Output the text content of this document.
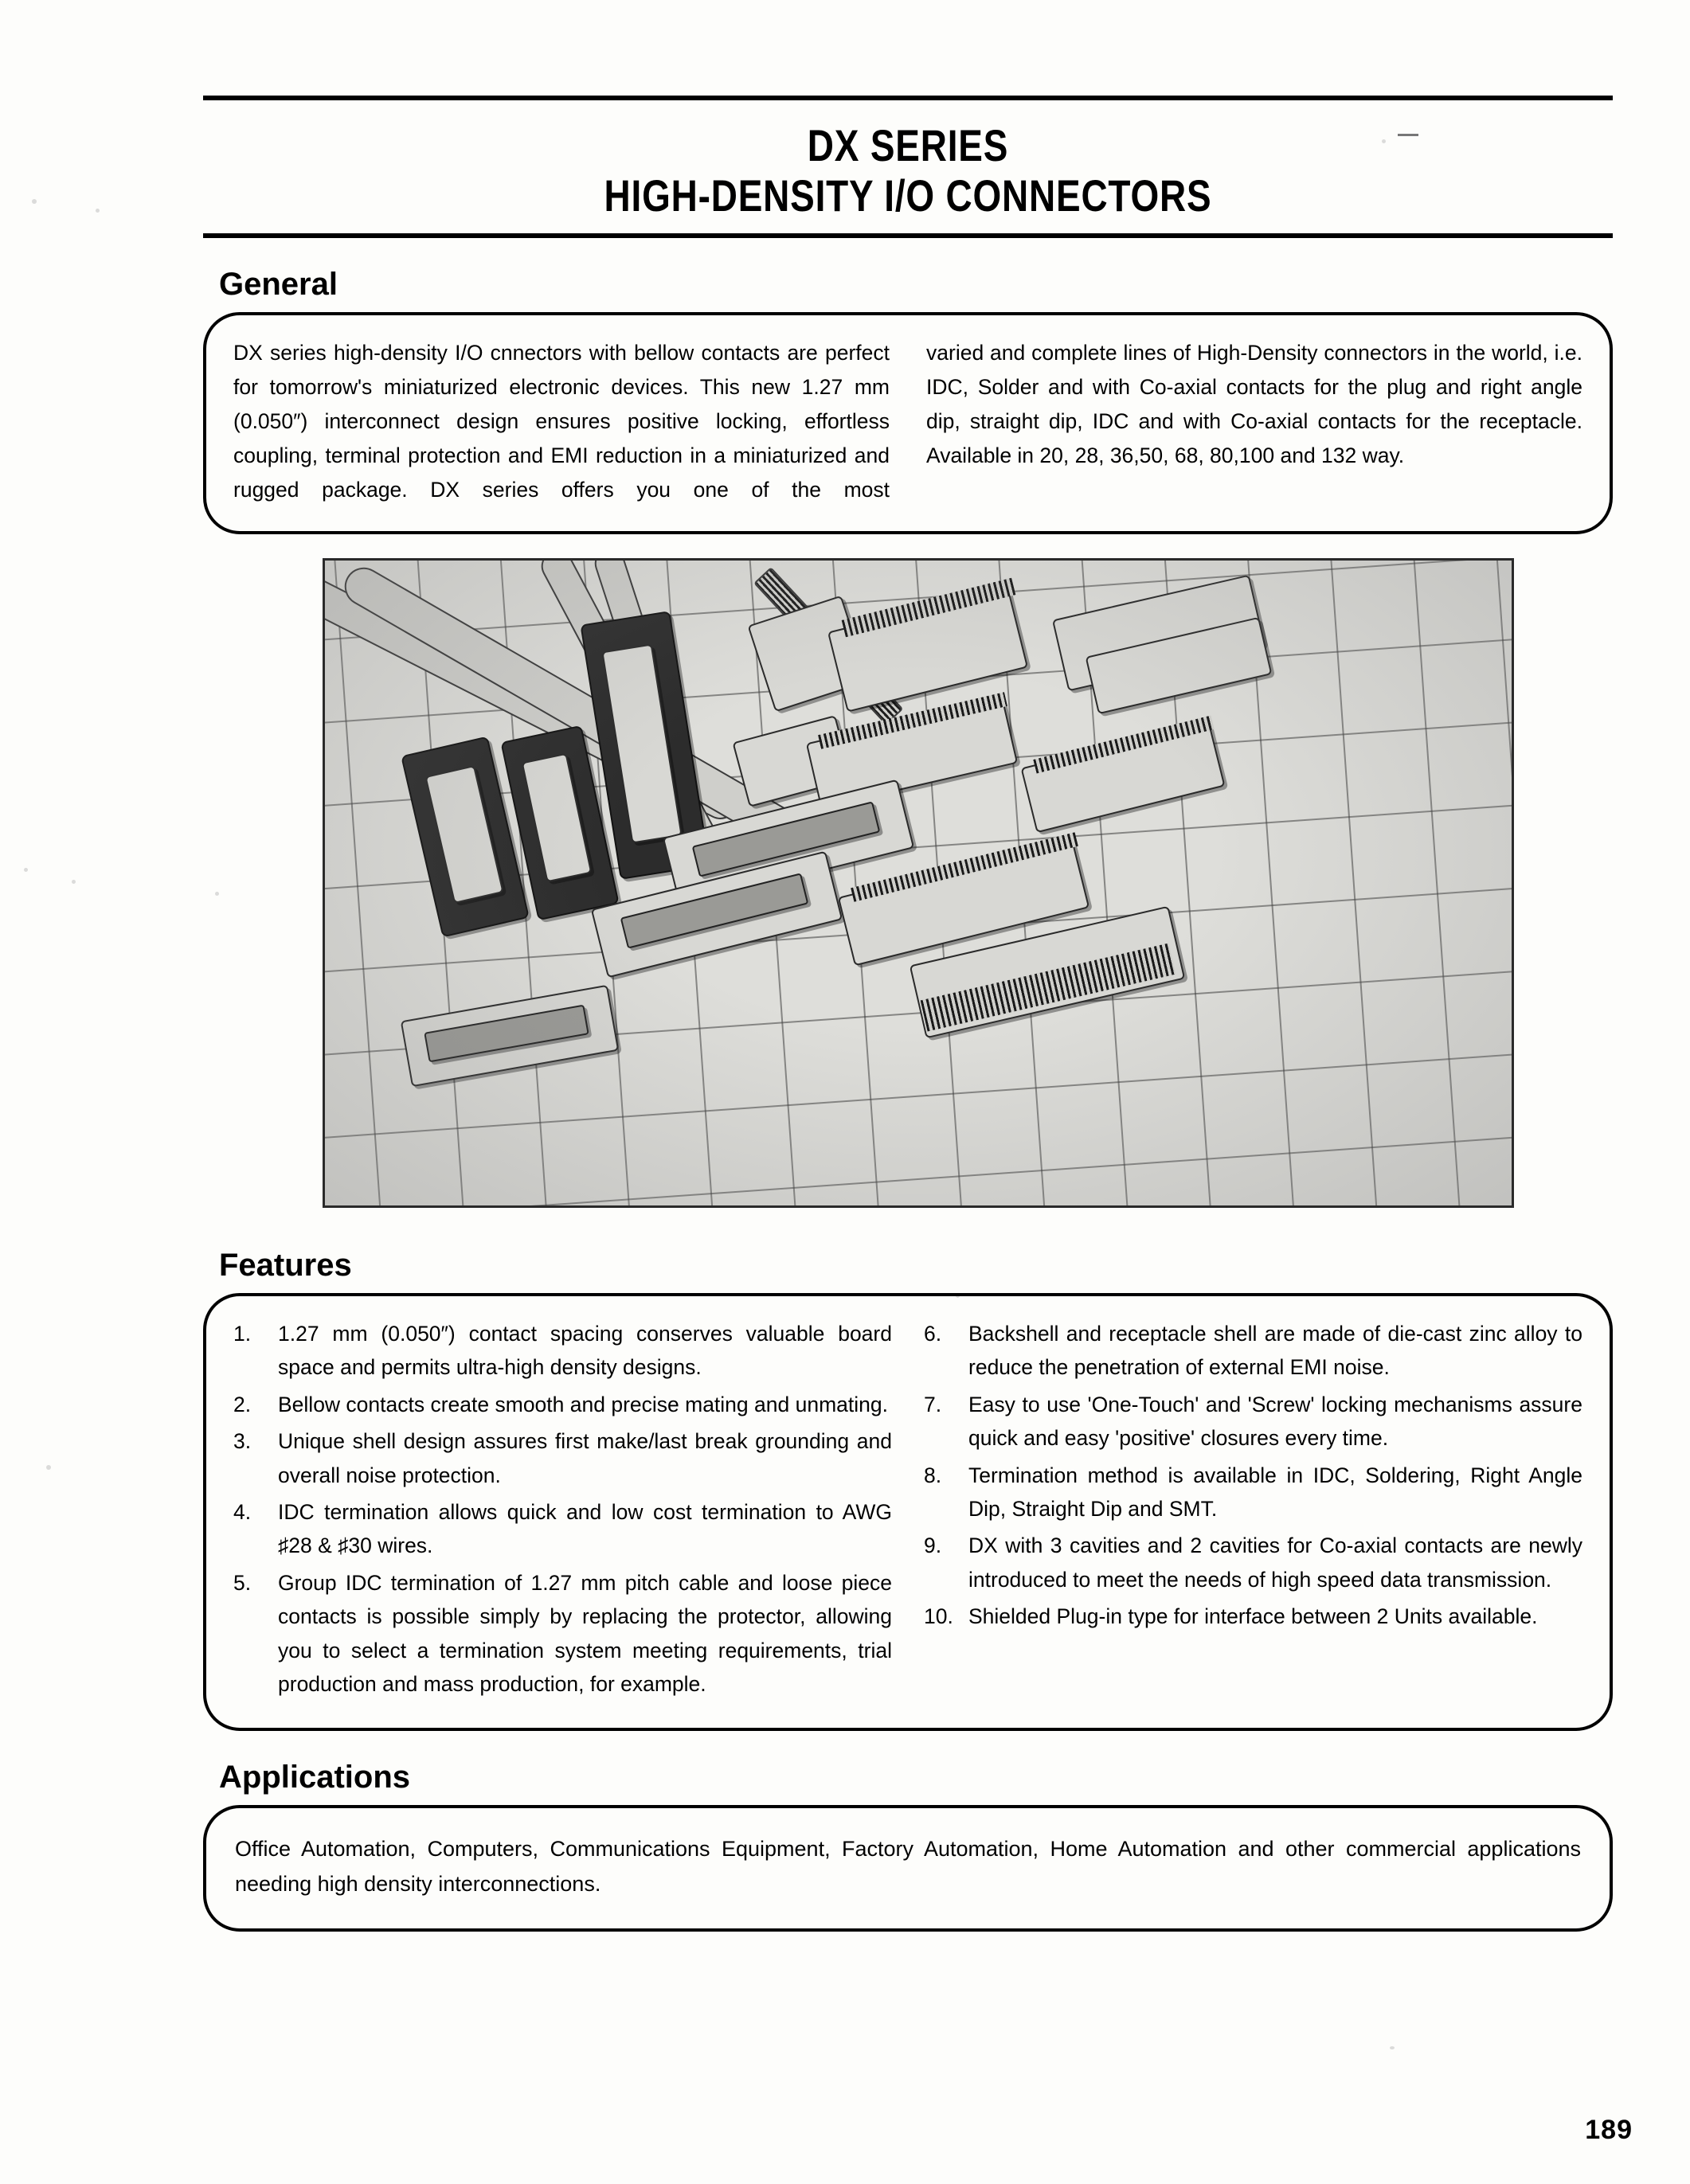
DX SERIES
HIGH-DENSITY I/O CONNECTORS
General

DX series high-density I/O cnnectors with bellow contacts are perfect for tomorrow's miniaturized electronic devices. This new 1.27 mm (0.050″) interconnect design ensures positive locking, effortless coupling, terminal protection and EMI reduction in a miniaturized and rugged package. DX series offers you one of the most

varied and complete lines of High-Density connectors in the world, i.e. IDC, Solder and with Co-axial contacts for the plug and right angle dip, straight dip, IDC and with Co-axial contacts for the receptacle. Available in 20, 28, 36,50, 68, 80,100 and 132 way.

Features
1.	1.27 mm (0.050″) contact spacing conserves valuable board space and permits ultra-high density designs.
2.	Bellow contacts create smooth and precise mating and unmating.
3.	Unique shell design assures first make/last break grounding and overall noise protection.
4.	IDC termination allows quick and low cost termination to AWG ♯28 & ♯30 wires.
5.	Group IDC termination of 1.27 mm pitch cable and loose piece contacts is possible simply by replacing the protector, allowing you to select a termination system meeting requirements, trial production and mass production, for example.
6.	Backshell and receptacle shell are made of die-cast zinc alloy to reduce the penetration of external EMI noise.
7.	Easy to use 'One-Touch' and 'Screw' locking mechanisms assure quick and easy 'positive' closures every time.
8.	Termination method is available in IDC, Soldering, Right Angle Dip, Straight Dip and SMT.
9.	DX with 3 cavities and 2 cavities for Co-axial contacts are newly introduced to meet the needs of high speed data transmission.
10. Shielded Plug-in type for interface between 2 Units available.
Applications

Office Automation, Computers, Communications Equipment, Factory Automation, Home Automation and other commercial applications needing high density interconnections.

189
